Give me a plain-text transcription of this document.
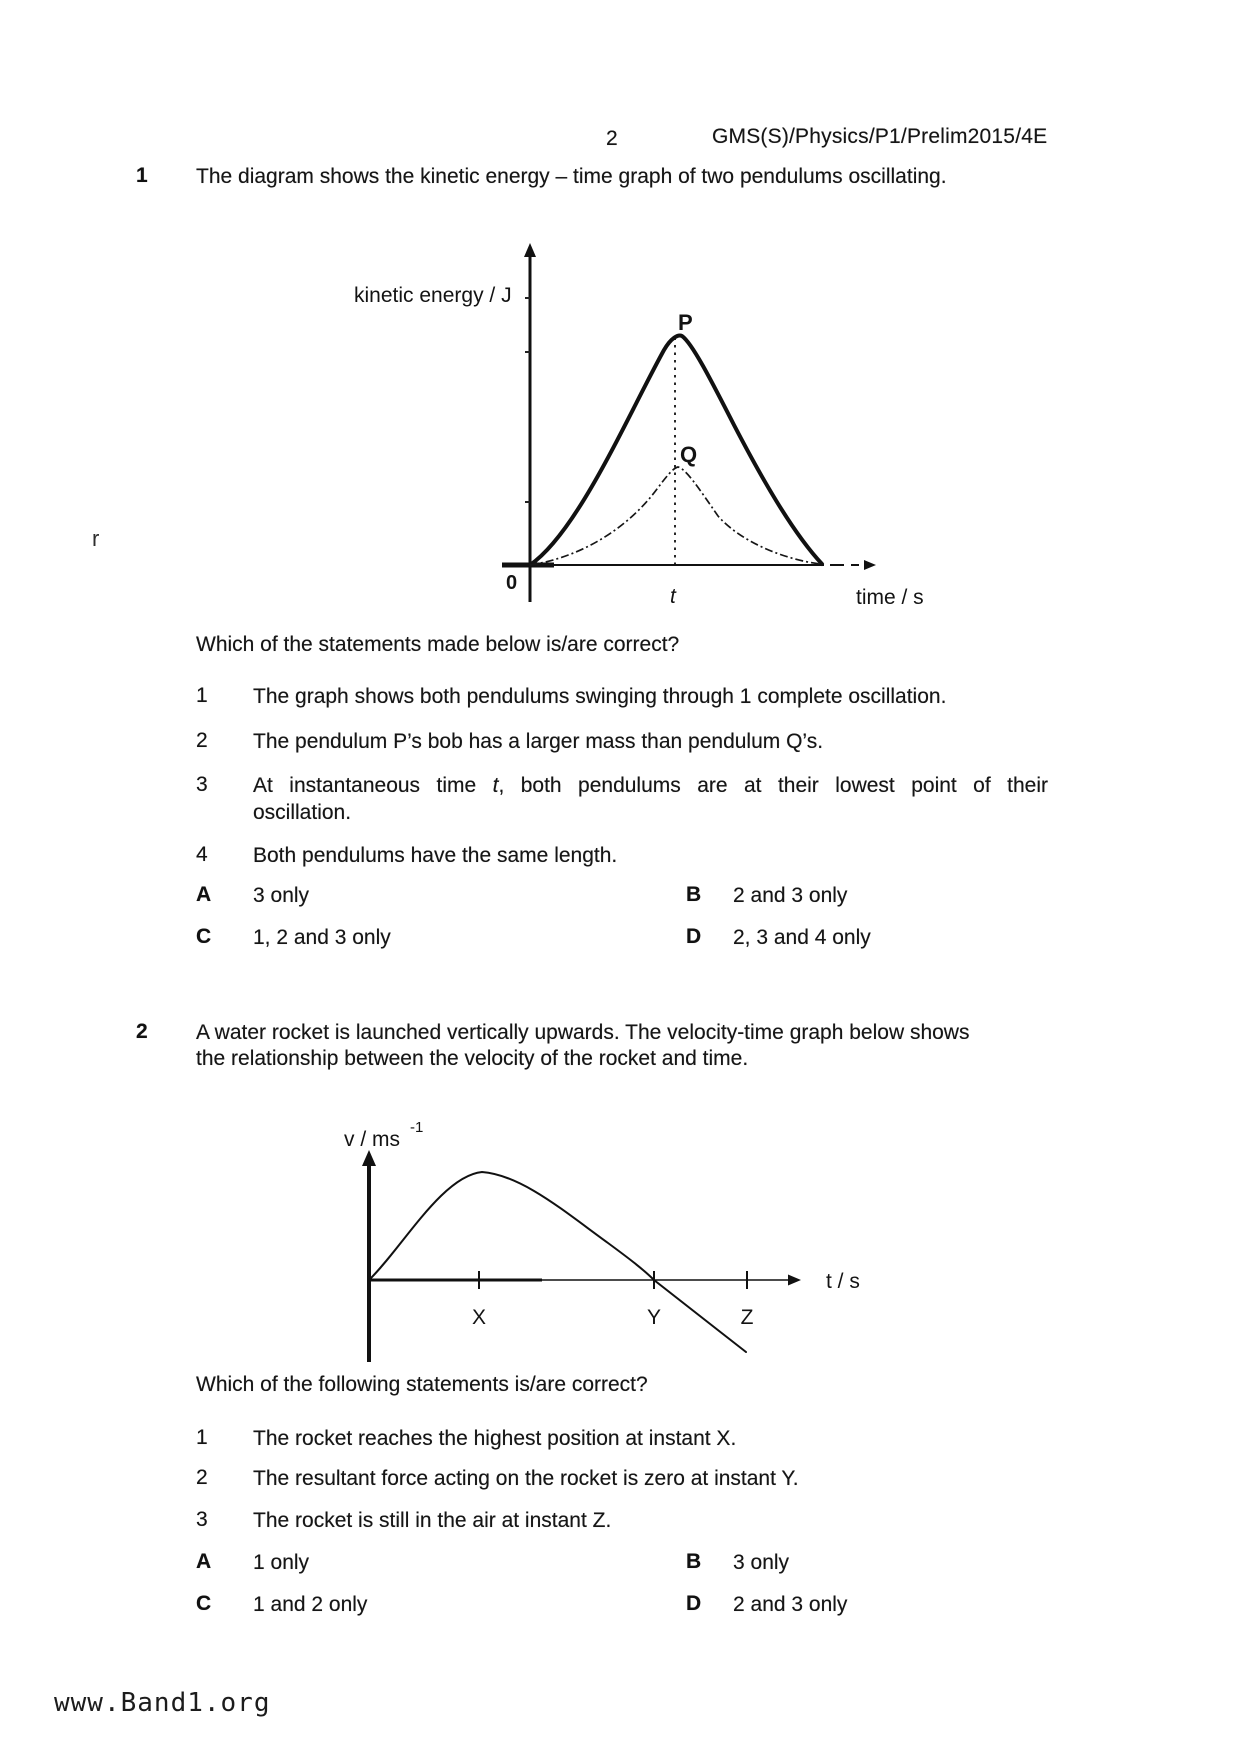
2	GMS(S)/Physics/P1/Prelim2015/4E
1 The diagram shows the kinetic energy – time graph of two pendulums oscillating.
kinetic energy / J
P
Q
0
t	time / s
r
Which of the statements made below is/are correct?
1 The graph shows both pendulums swinging through 1 complete oscillation.
2 The pendulum P’s bob has a larger mass than pendulum Q’s.
3 At instantaneous time t, both pendulums are at their lowest point of their
oscillation.
4 Both pendulums have the same length.
A 3 only	B 2 and 3 only
C 1, 2 and 3 only	D 2, 3 and 4 only
2 A water rocket is launched vertically upwards. The velocity-time graph below shows
the relationship between the velocity of the rocket and time.
v / ms
-1
X	Y	Z
t / s
Which of the following statements is/are correct?
1 The rocket reaches the highest position at instant X.
2 The resultant force acting on the rocket is zero at instant Y.
3 The rocket is still in the air at instant Z.
A 1 only	B 3 only
C 1 and 2 only	D 2 and 3 only
www.Band1.org
